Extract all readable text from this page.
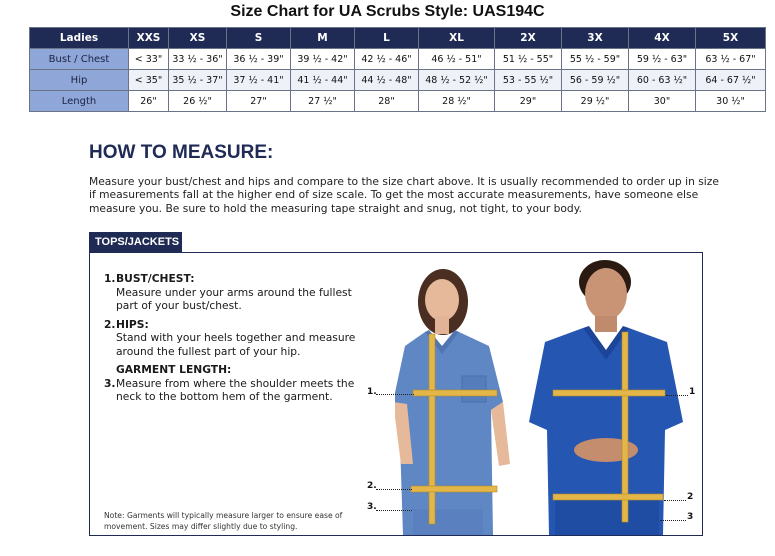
Size Chart for UA Scrubs Style: UAS194C
Ladies	XXS	XS	S	M	L	XL	2X	3X	4X	5X
Bust / Chest	< 33"	33 ½ - 36"	36 ½ - 39"	39 ½ - 42"	42 ½ - 46"	46 ½ - 51"	51 ½ - 55"	55 ½ - 59"	59 ½ - 63"	63 ½ - 67"
Hip	< 35"	35 ½ - 37"	37 ½ - 41"	41 ½ - 44"	44 ½ - 48"	48 ½ - 52 ½"	53 - 55 ½"	56 - 59 ½"	60 - 63 ½"	64 - 67 ½"
Length	26"	26 ½"	27"	27 ½"	28"	28 ½"	29"	29 ½"	30"	30 ½"
HOW TO MEASURE:
Measure your bust/chest and hips and compare to the size chart above. It is usually recommended to order up in size if measurements fall at the higher end of size scale. To get the most accurate measurements, have someone else measure you. Be sure to hold the measuring tape straight and snug, not tight, to your body.
TOPS/JACKETS
1. BUST/CHEST:
Measure under your arms around the fullest part of your bust/chest.
2. HIPS:
Stand with your heels together and measure around the fullest part of your hip.
GARMENT LENGTH:
3. Measure from where the shoulder meets the neck to the bottom hem of the garment.
Note: Garments will typically measure larger to ensure ease of movement. Sizes may differ slightly due to styling.
1.
2.
3.
1
2
3
